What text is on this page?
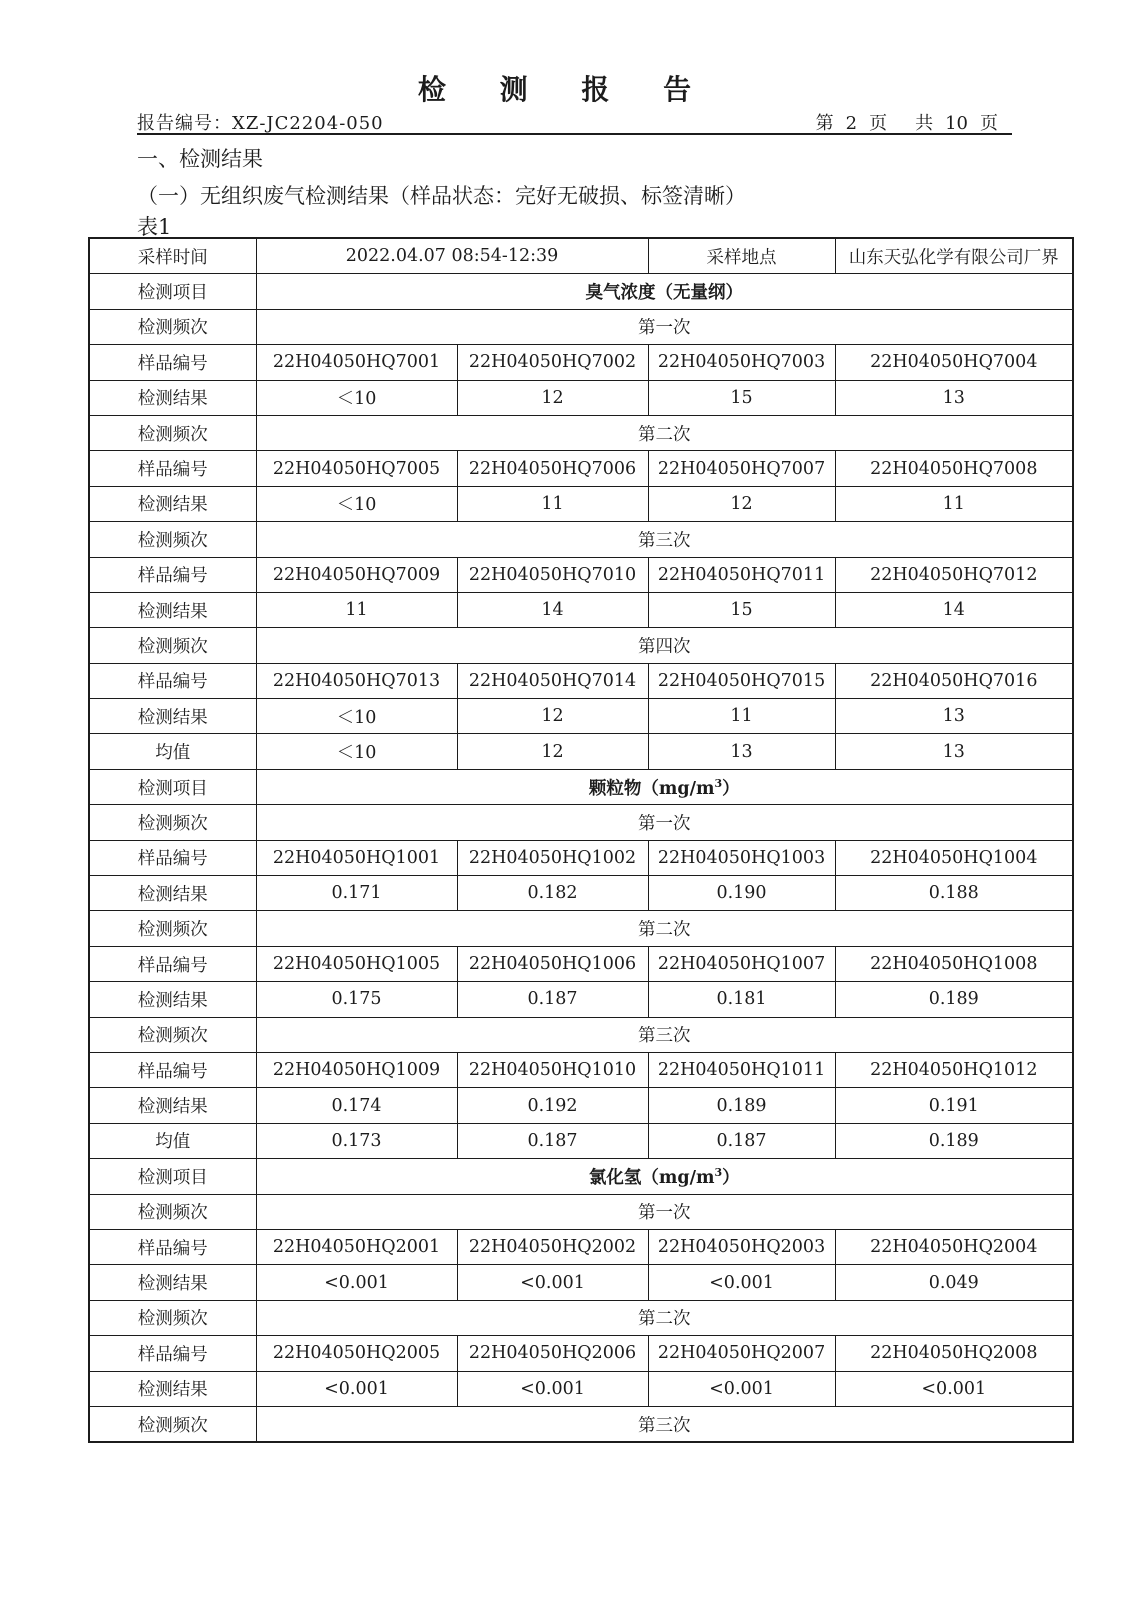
检 测 报 告
报告编号：XZ-JC2204-050	第 2 页 共 10 页
一、检测结果
（一）无组织废气检测结果（样品状态：完好无破损、标签清晰）
表1
采样时间	2022.04.07 08:54-12:39		采样地点	山东天弘化学有限公司厂界
检测项目	臭气浓度（无量纲）			
检测频次	第一次			
样品编号	22H04050HQ7001	22H04050HQ7002	22H04050HQ7003	22H04050HQ7004
检测结果	＜10	12	15	13
检测频次	第二次			
样品编号	22H04050HQ7005	22H04050HQ7006	22H04050HQ7007	22H04050HQ7008
检测结果	＜10	11	12	11
检测频次	第三次			
样品编号	22H04050HQ7009	22H04050HQ7010	22H04050HQ7011	22H04050HQ7012
检测结果	11	14	15	14
检测频次	第四次			
样品编号	22H04050HQ7013	22H04050HQ7014	22H04050HQ7015	22H04050HQ7016
检测结果	＜10	12	11	13
均值	＜10	12	13	13
检测项目	颗粒物$(mg/m^3)$			
检测频次	第一次			
样品编号	22H04050HQ1001	22H04050HQ1002	22H04050HQ1003	22H04050HQ1004
检测结果	0.171	0.182	0.190	0.188
检测频次	第二次			
样品编号	22H04050HQ1005	22H04050HQ1006	22H04050HQ1007	22H04050HQ1008
检测结果	0.175	0.187	0.181	0.189
检测频次	第三次			
样品编号	22H04050HQ1009	22H04050HQ1010	22H04050HQ1011	22H04050HQ1012
检测结果	0.174	0.192	0.189	0.191
均值	0.173	0.187	0.187	0.189
检测项目	氯化氢$(mg/m^3)$			
检测频次	第一次			
样品编号	22H04050HQ2001	22H04050HQ2002	22H04050HQ2003	22H04050HQ2004
检测结果	<0.001	<0.001	<0.001	0.049
检测频次	第二次			
样品编号	22H04050HQ2005	22H04050HQ2006	22H04050HQ2007	22H04050HQ2008
检测结果	<0.001	<0.001	<0.001	<0.001
检测频次	第三次			
